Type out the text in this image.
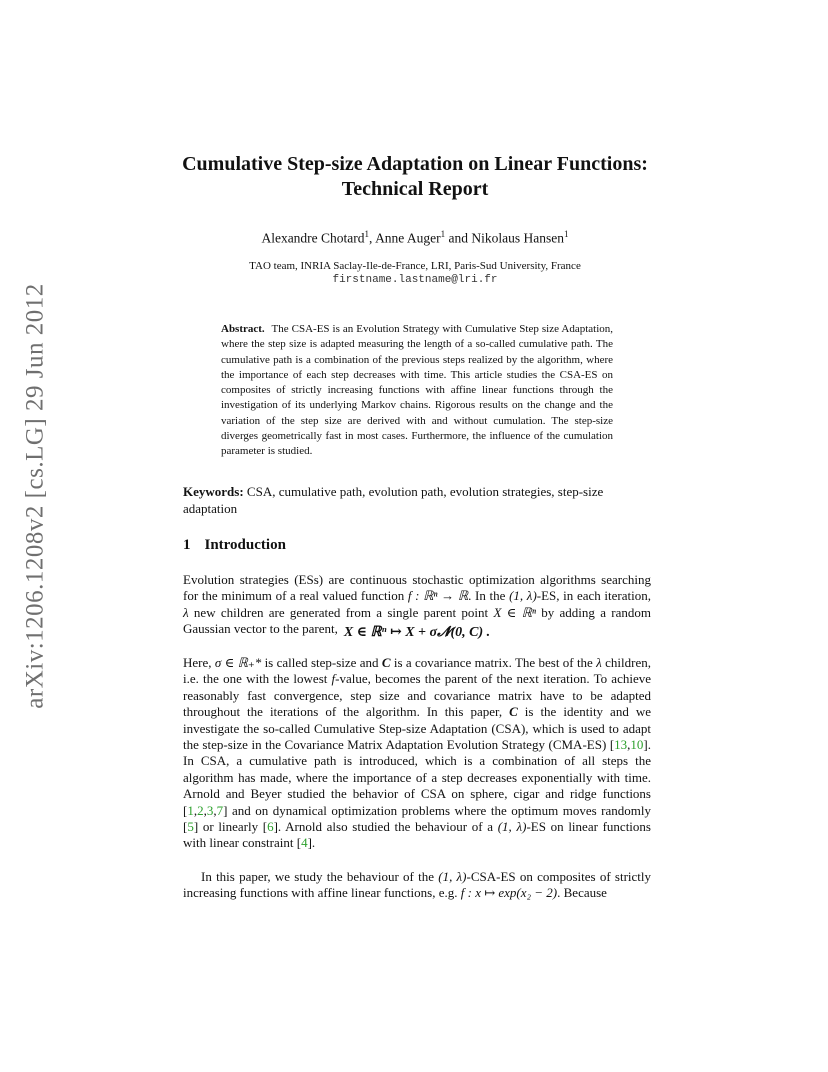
arXiv:1206.1208v2 [cs.LG] 29 Jun 2012
Cumulative Step-size Adaptation on Linear Functions:
Technical Report
Alexandre Chotard$^1$, Anne Auger$^1$ and Nikolaus Hansen$^1$
TAO team, INRIA Saclay-Ile-de-France, LRI, Paris-Sud University, France
firstname.lastname@lri.fr

Abstract. The CSA-ES is an Evolution Strategy with Cumulative Step size Adaptation, where the step size is adapted measuring the length of a so-called cumulative path. The cumulative path is a combination of the previous steps realized by the algorithm, where the importance of each step decreases with time. This article studies the CSA-ES on composites of strictly increasing functions with affine linear functions through the investigation of its underlying Markov chains. Rigorous results on the change and the variation of the step size are derived with and without cumulation. The step-size diverges geometrically fast in most cases. Furthermore, the influence of the cumulation parameter is studied.

Keywords: CSA, cumulative path, evolution path, evolution strategies, step-size adaptation

1 Introduction

Evolution strategies (ESs) are continuous stochastic optimization algorithms searching for the minimum of a real valued function f : ℝⁿ → ℝ. In the (1, λ)-ES, in each iteration, λ new children are generated from a single parent point X ∈ ℝⁿ by adding a random Gaussian vector to the parent, X ∈ ℝⁿ ↦ X + σ𝓝(0, C) .

Here, σ ∈ ℝ₊* is called step-size and C is a covariance matrix. The best of the λ children, i.e. the one with the lowest f-value, becomes the parent of the next iteration. To achieve reasonably fast convergence, step size and covariance matrix have to be adapted throughout the iterations of the algorithm. In this paper, C is the identity and we investigate the so-called Cumulative Step-size Adaptation (CSA), which is used to adapt the step-size in the Covariance Matrix Adaptation Evolution Strategy (CMA-ES) [13,10]. In CSA, a cumulative path is introduced, which is a combination of all steps the algorithm has made, where the importance of a step decreases exponentially with time. Arnold and Beyer studied the behavior of CSA on sphere, cigar and ridge functions [1,2,3,7] and on dynamical optimization problems where the optimum moves randomly [5] or linearly [6]. Arnold also studied the behaviour of a (1, λ)-ES on linear functions with linear constraint [4].

In this paper, we study the behaviour of the (1, λ)-CSA-ES on composites of strictly increasing functions with affine linear functions, e.g. f : x ↦ exp(x₂ − 2). Because
